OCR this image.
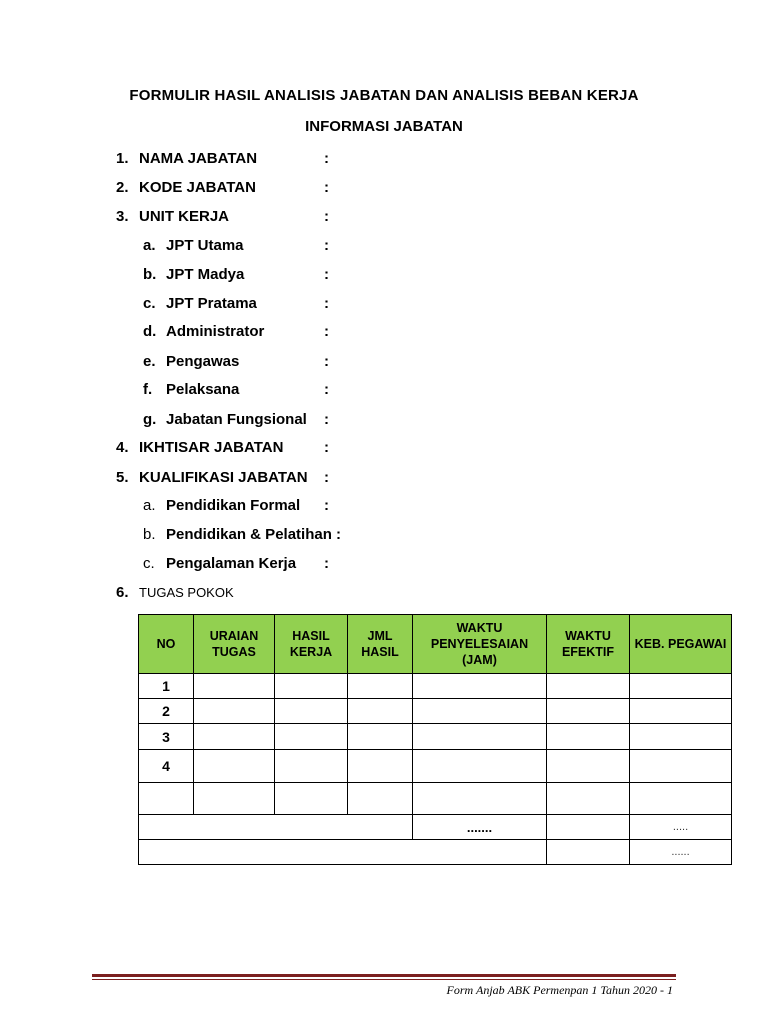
FORMULIR HASIL ANALISIS JABATAN DAN ANALISIS BEBAN KERJA
INFORMASI JABATAN
1. NAMA JABATAN	:
2. KODE JABATAN	:
3. UNIT KERJA	:
a. JPT Utama	:
b. JPT Madya	:
c. JPT Pratama	:
d. Administrator	:
e. Pengawas	:
f. Pelaksana	:
g. Jabatan Fungsional :
4. IKHTISAR JABATAN	:
5. KUALIFIKASI JABATAN :
a. Pendidikan Formal :
b. Pendidikan & Pelatihan :
c. Pengalaman Kerja :
6. TUGAS POKOK
NO	URAIAN TUGAS	HASIL KERJA	JML HASIL	WAKTU PENYELESAIAN (JAM)	WAKTU EFEKTIF	KEB. PEGAWAI
1						
2						
3						
4						

				.......		.....
						......
Form Anjab ABK Permenpan 1 Tahun 2020 - 1
